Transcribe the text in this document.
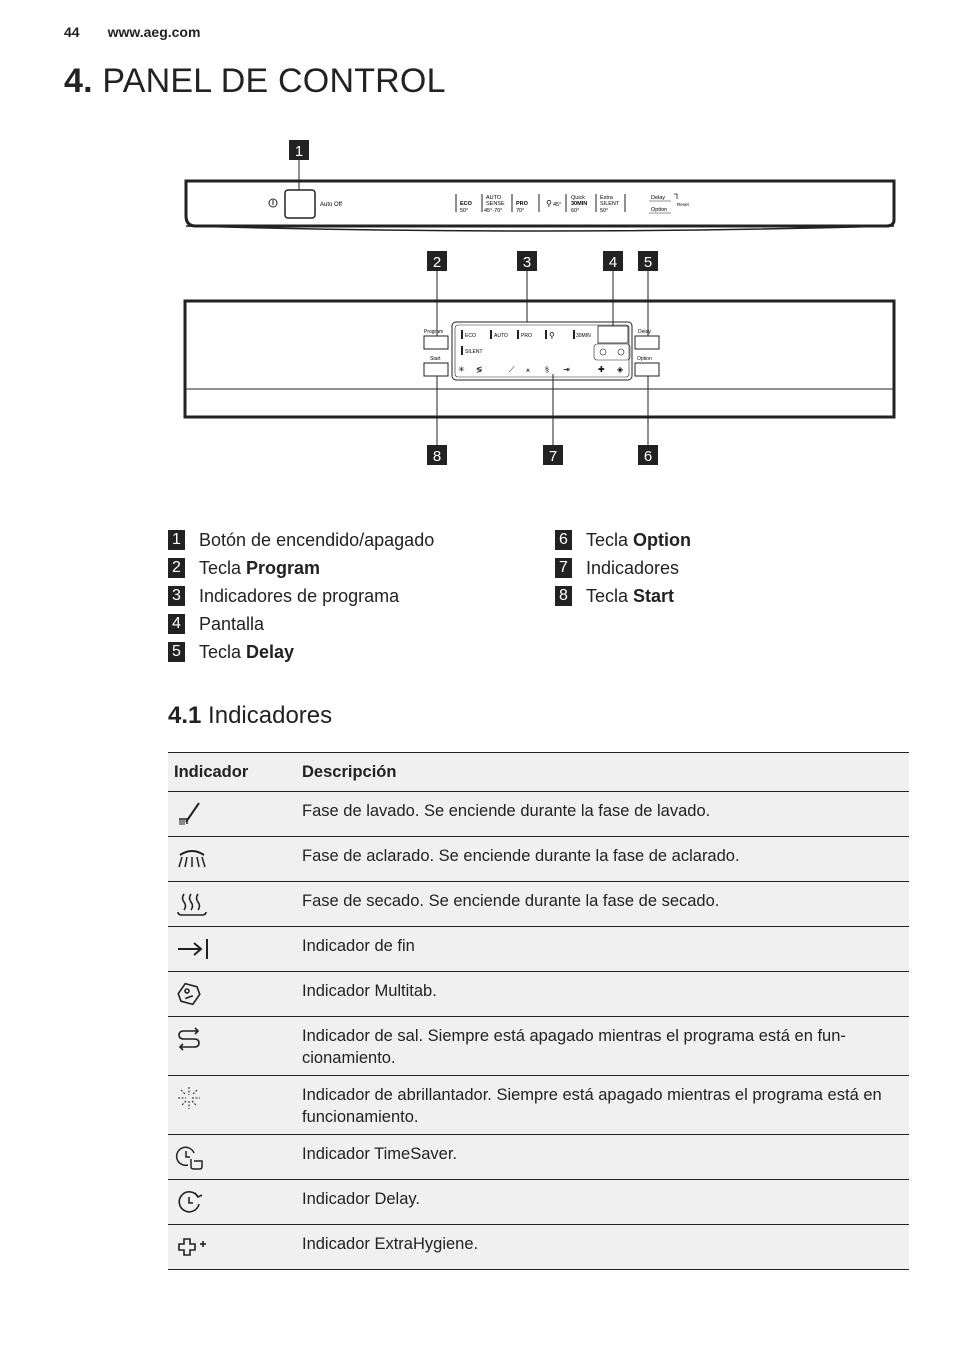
44 www.aeg.com
4. PANEL DE CONTROL
Auto Off	ECO
50°
AUTO
SENSE
45°-70°
PRO
70°
⚲ 45°
Quick
30MIN
60°
Extra
SILENT
50°
Delay
Option
Reset
1
Program
Start
Delay
Option
ECO	AUTO	PRO ⚲	30MIN
SILENT
✳ ≶	⟋ ⩚ § ⇥	✚ ◈
2	3	4 5
8	7	6
1 Botón de encendido/apagado
2 Tecla Program
3 Indicadores de programa
4 Pantalla
5 Tecla Delay
6 Tecla Option
7 Indicadores
8 Tecla Start
4.1 Indicadores
Indicador	Descripción

	Fase de lavado. Se enciende durante la fase de lavado.

	Fase de aclarado. Se enciende durante la fase de aclarado.

	Fase de secado. Se enciende durante la fase de secado.

	Indicador de fin

	Indicador Multitab.

	Indicador de sal. Siempre está apagado mientras el programa está en fun-cionamiento.

	Indicador de abrillantador. Siempre está apagado mientras el programa está en funcionamiento.

	Indicador TimeSaver.

	Indicador Delay.

	Indicador ExtraHygiene.
